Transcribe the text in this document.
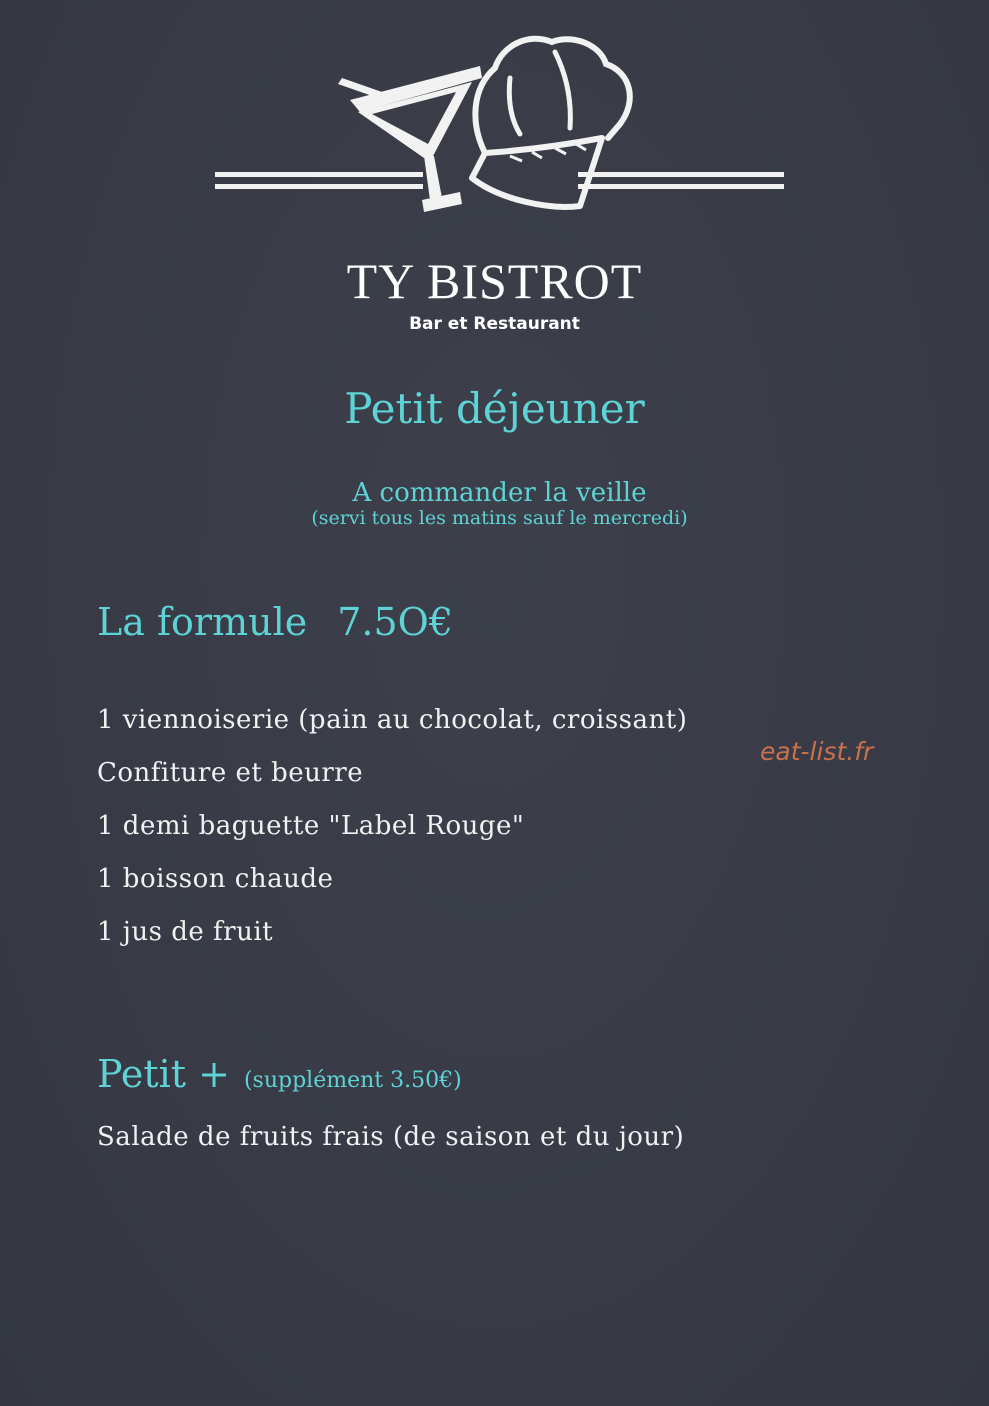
TY BISTROT
Bar et Restaurant
Petit déjeuner
A commander la veille
(servi tous les matins sauf le mercredi)
La formule 7.5O€
1 viennoiserie (pain au chocolat, croissant)
Confiture et beurre
1 demi baguette "Label Rouge"
1 boisson chaude
1 jus de fruit
eat-list.fr
Petit + (supplément 3.50€)
Salade de fruits frais (de saison et du jour)
